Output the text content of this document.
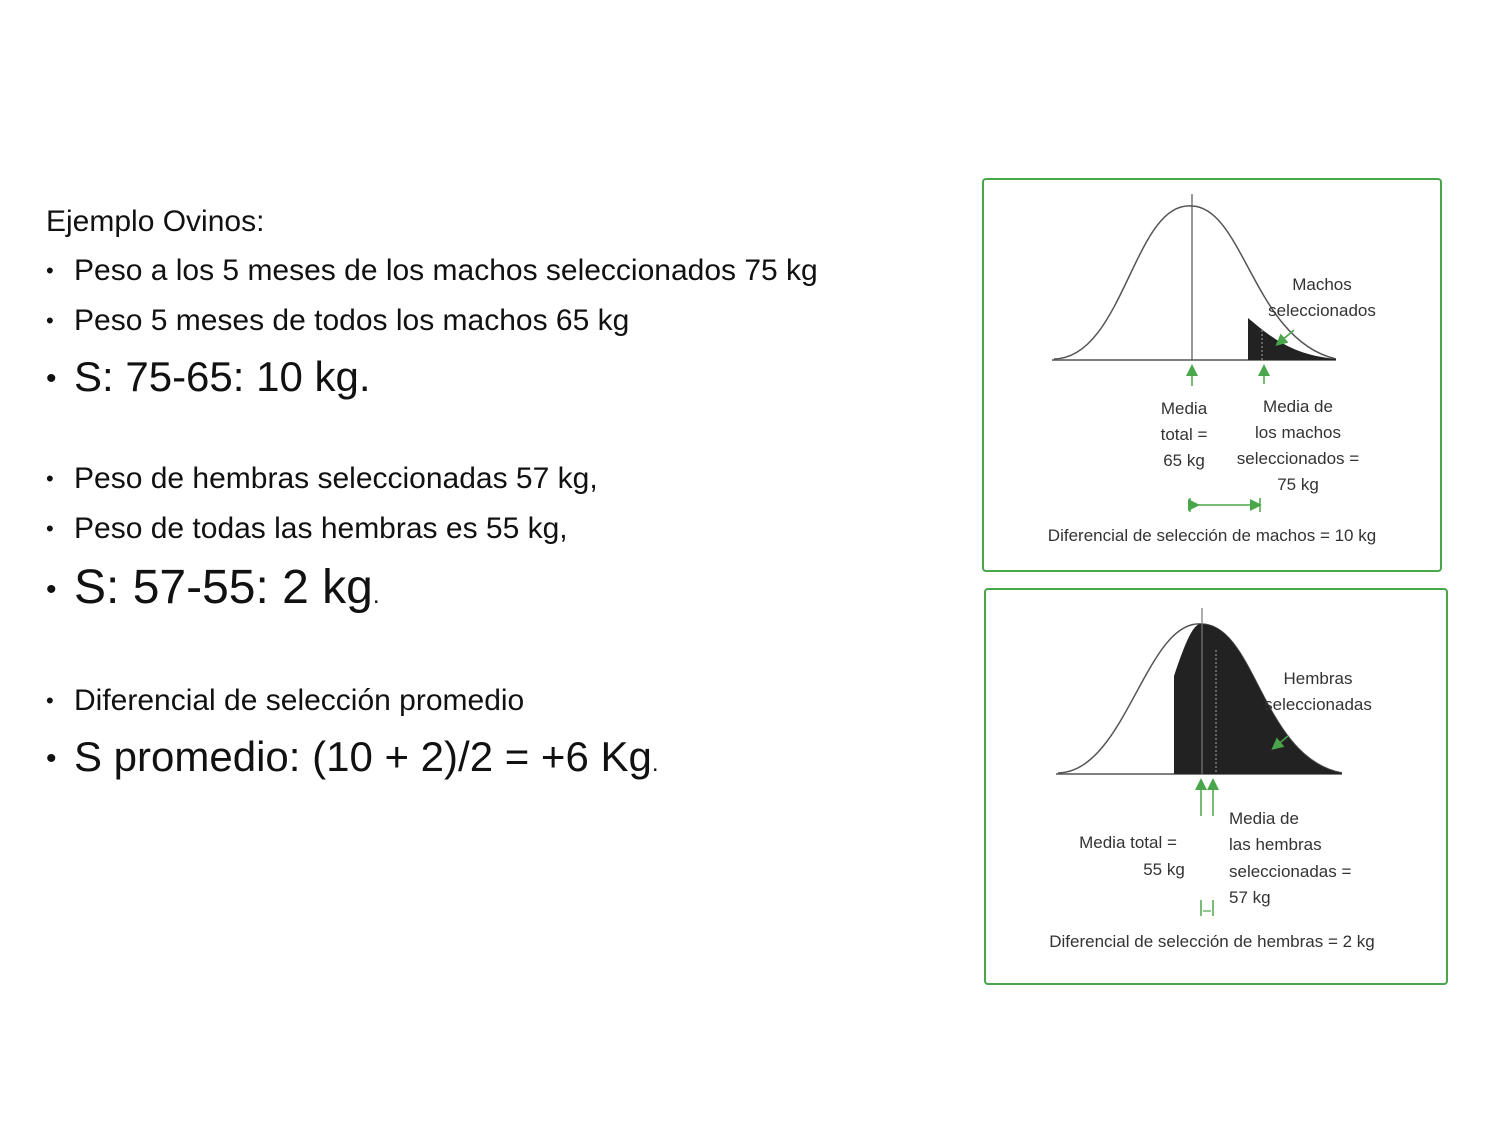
Ejemplo Ovinos:
• Peso a los 5 meses de los machos seleccionados 75 kg
• Peso 5 meses de todos los machos 65 kg
• S: 75-65: 10 kg.
• Peso de hembras seleccionadas 57 kg,
• Peso de todas las hembras es 55 kg,
• S: 57-55: 2 kg.
• Diferencial de selección promedio
• S promedio: (10 + 2)/2 = +6 Kg.
Machos
seleccionados
Media
total =
65 kg
Media de
los machos
seleccionados =
75 kg
Diferencial de selección de machos = 10 kg
Hembras
seleccionadas
Media total =
55 kg
Media de
las hembras
seleccionadas =
57 kg
Diferencial de selección de hembras = 2 kg
